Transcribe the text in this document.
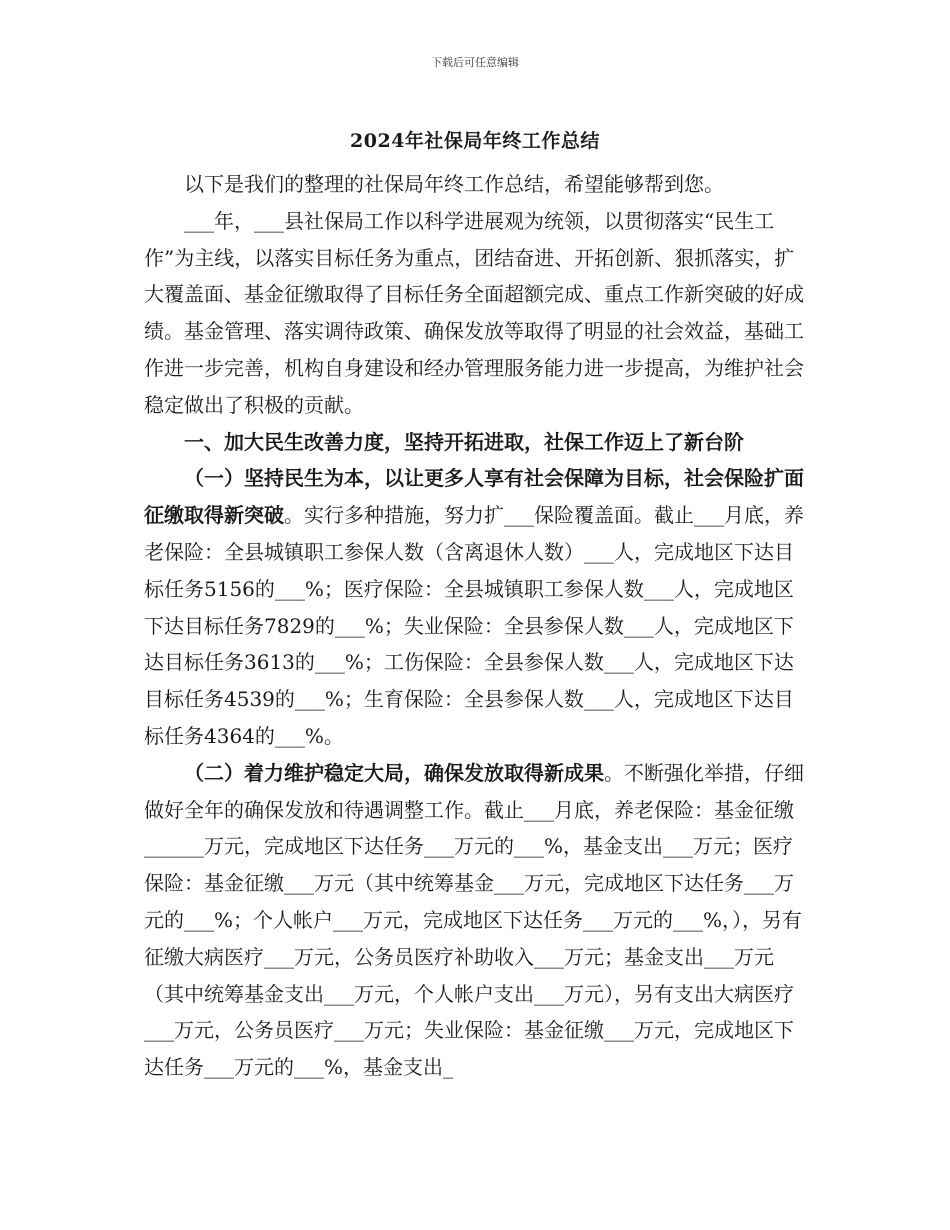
下载后可任意编辑
2024年社保局年终工作总结

以下是我们的整理的社保局年终工作总结，希望能够帮到您。

___年，___县社保局工作以科学进展观为统领，以贯彻落实“民生工作”为主线，以落实目标任务为重点，团结奋进、开拓创新、狠抓落实，扩大覆盖面、基金征缴取得了目标任务全面超额完成、重点工作新突破的好成绩。基金管理、落实调待政策、确保发放等取得了明显的社会效益，基础工作进一步完善，机构自身建设和经办管理服务能力进一步提高，为维护社会稳定做出了积极的贡献。

一、加大民生改善力度，坚持开拓进取，社保工作迈上了新台阶

（一）坚持民生为本，以让更多人享有社会保障为目标，社会保险扩面征缴取得新突破。实行多种措施，努力扩___保险覆盖面。截止___月底，养老保险：全县城镇职工参保人数（含离退休人数）___人，完成地区下达目标任务5156的___%；医疗保险：全县城镇职工参保人数___人，完成地区下达目标任务7829的___%；失业保险：全县参保人数___人，完成地区下达目标任务3613的___%；工伤保险：全县参保人数___人，完成地区下达目标任务4539的___%；生育保险：全县参保人数___人，完成地区下达目标任务4364的___%。

（二）着力维护稳定大局，确保发放取得新成果。不断强化举措，仔细做好全年的确保发放和待遇调整工作。截止___月底，养老保险：基金征缴______万元，完成地区下达任务___万元的___%，基金支出___万元；医疗保险：基金征缴___万元（其中统筹基金___万元，完成地区下达任务___万元的___%；个人帐户___万元，完成地区下达任务___万元的___%，），另有征缴大病医疗___万元，公务员医疗补助收入___万元；基金支出___万元（其中统筹基金支出___万元，个人帐户支出___万元），另有支出大病医疗___万元，公务员医疗___万元；失业保险：基金征缴___万元，完成地区下达任务___万元的___%，基金支出_
